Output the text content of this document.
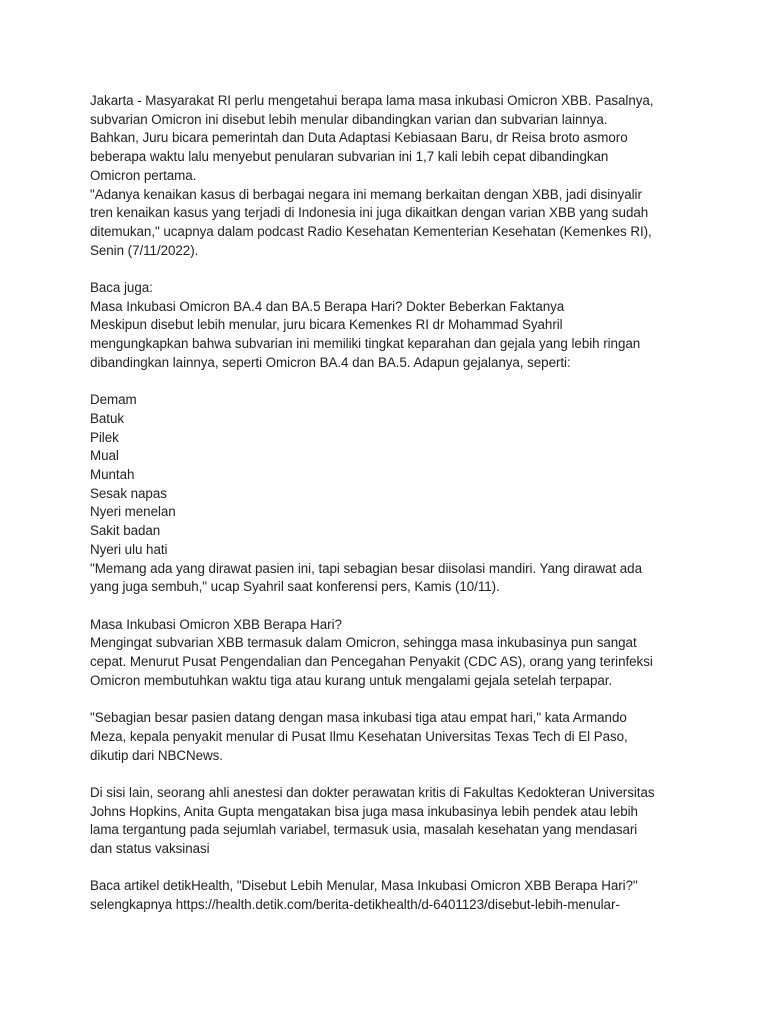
Jakarta - Masyarakat RI perlu mengetahui berapa lama masa inkubasi Omicron XBB. Pasalnya,
subvarian Omicron ini disebut lebih menular dibandingkan varian dan subvarian lainnya.
Bahkan, Juru bicara pemerintah dan Duta Adaptasi Kebiasaan Baru, dr Reisa broto asmoro
beberapa waktu lalu menyebut penularan subvarian ini 1,7 kali lebih cepat dibandingkan
Omicron pertama.

"Adanya kenaikan kasus di berbagai negara ini memang berkaitan dengan XBB, jadi disinyalir
tren kenaikan kasus yang terjadi di Indonesia ini juga dikaitkan dengan varian XBB yang sudah
ditemukan," ucapnya dalam podcast Radio Kesehatan Kementerian Kesehatan (Kemenkes RI),
Senin (7/11/2022).

Baca juga:

Masa Inkubasi Omicron BA.4 dan BA.5 Berapa Hari? Dokter Beberkan Faktanya

Meskipun disebut lebih menular, juru bicara Kemenkes RI dr Mohammad Syahril
mengungkapkan bahwa subvarian ini memiliki tingkat keparahan dan gejala yang lebih ringan
dibandingkan lainnya, seperti Omicron BA.4 dan BA.5. Adapun gejalanya, seperti:

Demam
Batuk
Pilek
Mual
Muntah
Sesak napas
Nyeri menelan
Sakit badan
Nyeri ulu hati

"Memang ada yang dirawat pasien ini, tapi sebagian besar diisolasi mandiri. Yang dirawat ada
yang juga sembuh," ucap Syahril saat konferensi pers, Kamis (10/11).

Masa Inkubasi Omicron XBB Berapa Hari?

Mengingat subvarian XBB termasuk dalam Omicron, sehingga masa inkubasinya pun sangat
cepat. Menurut Pusat Pengendalian dan Pencegahan Penyakit (CDC AS), orang yang terinfeksi
Omicron membutuhkan waktu tiga atau kurang untuk mengalami gejala setelah terpapar.

"Sebagian besar pasien datang dengan masa inkubasi tiga atau empat hari," kata Armando
Meza, kepala penyakit menular di Pusat Ilmu Kesehatan Universitas Texas Tech di El Paso,
dikutip dari NBCNews.

Di sisi lain, seorang ahli anestesi dan dokter perawatan kritis di Fakultas Kedokteran Universitas
Johns Hopkins, Anita Gupta mengatakan bisa juga masa inkubasinya lebih pendek atau lebih
lama tergantung pada sejumlah variabel, termasuk usia, masalah kesehatan yang mendasari
dan status vaksinasi

Baca artikel detikHealth, "Disebut Lebih Menular, Masa Inkubasi Omicron XBB Berapa Hari?"
selengkapnya https://health.detik.com/berita-detikhealth/d-6401123/disebut-lebih-menular-
